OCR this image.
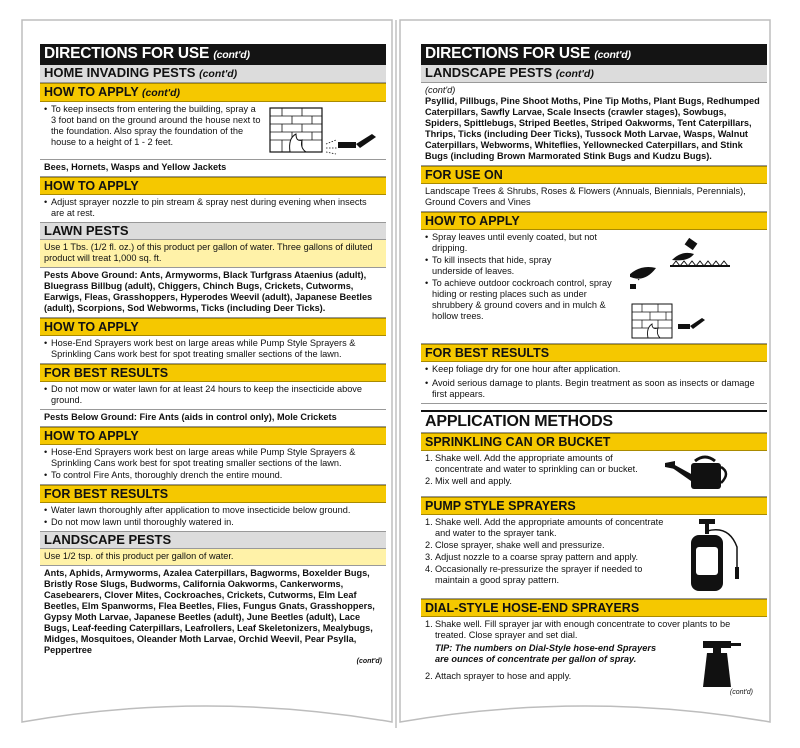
DIRECTIONS FOR USE (cont'd)
HOME INVADING PESTS (cont'd)
HOW TO APPLY (cont'd)
• To keep insects from entering the building, spray a 3 foot band on the ground around the house next to the foundation. Also spray the foundation of the house to a height of 1 - 2 feet.
Bees, Hornets, Wasps and Yellow Jackets
HOW TO APPLY
• Adjust sprayer nozzle to pin stream & spray nest during evening when insects are at rest.
LAWN PESTS
Use 1 Tbs. (1/2 fl. oz.) of this product per gallon of water. Three gallons of diluted product will treat 1,000 sq. ft.
Pests Above Ground: Ants, Armyworms, Black Turfgrass Ataenius (adult), Bluegrass Billbug (adult), Chiggers, Chinch Bugs, Crickets, Cutworms, Earwigs, Fleas, Grasshoppers, Hyperodes Weevil (adult), Japanese Beetles (adult), Scorpions, Sod Webworms, Ticks (including Deer Ticks).
HOW TO APPLY
• Hose-End Sprayers work best on large areas while Pump Style Sprayers & Sprinkling Cans work best for spot treating smaller sections of the lawn.
FOR BEST RESULTS
• Do not mow or water lawn for at least 24 hours to keep the insecticide above ground.
Pests Below Ground: Fire Ants (aids in control only), Mole Crickets
HOW TO APPLY
• Hose-End Sprayers work best on large areas while Pump Style Sprayers & Sprinkling Cans work best for spot treating smaller sections of the lawn.
• To control Fire Ants, thoroughly drench the entire mound.
FOR BEST RESULTS
• Water lawn thoroughly after application to move insecticide below ground.
• Do not mow lawn until thoroughly watered in.
LANDSCAPE PESTS
Use 1/2 tsp. of this product per gallon of water.
Ants, Aphids, Armyworms, Azalea Caterpillars, Bagworms, Boxelder Bugs, Bristly Rose Slugs, Budworms, California Oakworms, Cankerworms, Casebearers, Clover Mites, Cockroaches, Crickets, Cutworms, Elm Leaf Beetles, Elm Spanworms, Flea Beetles, Flies, Fungus Gnats, Grasshoppers, Gypsy Moth Larvae, Japanese Beetles (adult), June Beetles (adult), Lace Bugs, Leaf-feeding Caterpillars, Leafrollers, Leaf Skeletonizers, Mealybugs, Midges, Mosquitoes, Oleander Moth Larvae, Orchid Weevil, Pear Psylla, Peppertree
(cont'd)
DIRECTIONS FOR USE (cont'd)
LANDSCAPE PESTS (cont'd)
(cont'd)
Psyllid, Pillbugs, Pine Shoot Moths, Pine Tip Moths, Plant Bugs, Redhumped Caterpillars, Sawfly Larvae, Scale Insects (crawler stages), Sowbugs, Spiders, Spittlebugs, Striped Beetles, Striped Oakworms, Tent Caterpillars, Thrips, Ticks (including Deer Ticks), Tussock Moth Larvae, Wasps, Walnut Caterpillars, Webworms, Whiteflies, Yellownecked Caterpillars, and Stink Bugs (including Brown Marmorated Stink Bugs and Kudzu Bugs).
FOR USE ON
Landscape Trees & Shrubs, Roses & Flowers (Annuals, Biennials, Perennials), Ground Covers and Vines
HOW TO APPLY
• Spray leaves until evenly coated, but not dripping.
• To kill insects that hide, spray underside of leaves.
• To achieve outdoor cockroach control, spray hiding or resting places such as under shrubbery & ground covers and in mulch & hollow trees.
FOR BEST RESULTS
• Keep foliage dry for one hour after application.
• Avoid serious damage to plants. Begin treatment as soon as insects or damage first appears.
APPLICATION METHODS
SPRINKLING CAN OR BUCKET
1. Shake well. Add the appropriate amounts of concentrate and water to sprinkling can or bucket.
2. Mix well and apply.
PUMP STYLE SPRAYERS
1. Shake well. Add the appropriate amounts of concentrate and water to the sprayer tank.
2. Close sprayer, shake well and pressurize.
3. Adjust nozzle to a coarse spray pattern and apply.
4. Occasionally re-pressurize the sprayer if needed to maintain a good spray pattern.
DIAL-STYLE HOSE-END SPRAYERS
1. Shake well. Fill sprayer jar with enough concentrate to cover plants to be treated. Close sprayer and set dial.
TIP: The numbers on Dial-Style hose-end Sprayers are ounces of concentrate per gallon of spray.
2. Attach sprayer to hose and apply.
(cont'd)
